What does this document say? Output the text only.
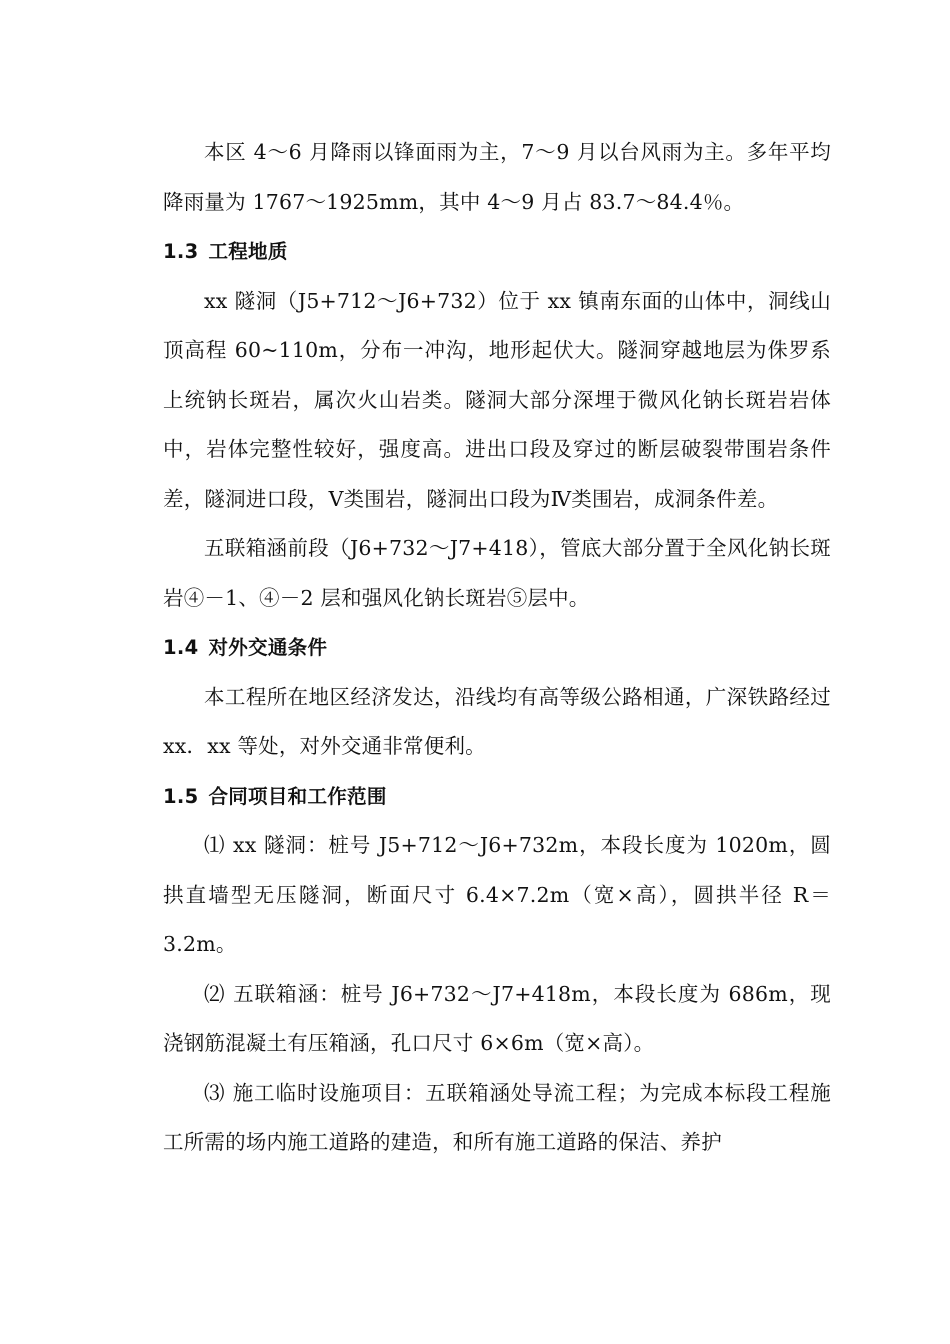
本区 4～6 月降雨以锋面雨为主，7～9 月以台风雨为主。多年平均降雨量为 1767～1925mm，其中 4～9 月占 83.7～84.4％。

1.3 工程地质

xx 隧洞（J5+712～J6+732）位于 xx 镇南东面的山体中，洞线山顶高程 60~110m，分布一冲沟，地形起伏大。隧洞穿越地层为侏罗系上统钠长斑岩，属次火山岩类。隧洞大部分深埋于微风化钠长斑岩岩体中，岩体完整性较好，强度高。进出口段及穿过的断层破裂带围岩条件差，隧洞进口段，Ⅴ类围岩，隧洞出口段为Ⅳ类围岩，成洞条件差。

五联箱涵前段（J6+732～J7+418），管底大部分置于全风化钠长斑岩④－1、④－2 层和强风化钠长斑岩⑤层中。

1.4 对外交通条件

本工程所在地区经济发达，沿线均有高等级公路相通，广深铁路经过 xx．xx 等处，对外交通非常便利。

1.5 合同项目和工作范围

⑴ xx 隧洞：桩号 J5+712～J6+732m，本段长度为 1020m，圆拱直墙型无压隧洞，断面尺寸 6.4×7.2m（宽×高），圆拱半径 R＝3.2m。

⑵ 五联箱涵：桩号 J6+732～J7+418m，本段长度为 686m，现浇钢筋混凝土有压箱涵，孔口尺寸 6×6m（宽×高）。

⑶ 施工临时设施项目：五联箱涵处导流工程；为完成本标段工程施工所需的场内施工道路的建造，和所有施工道路的保洁、养护
